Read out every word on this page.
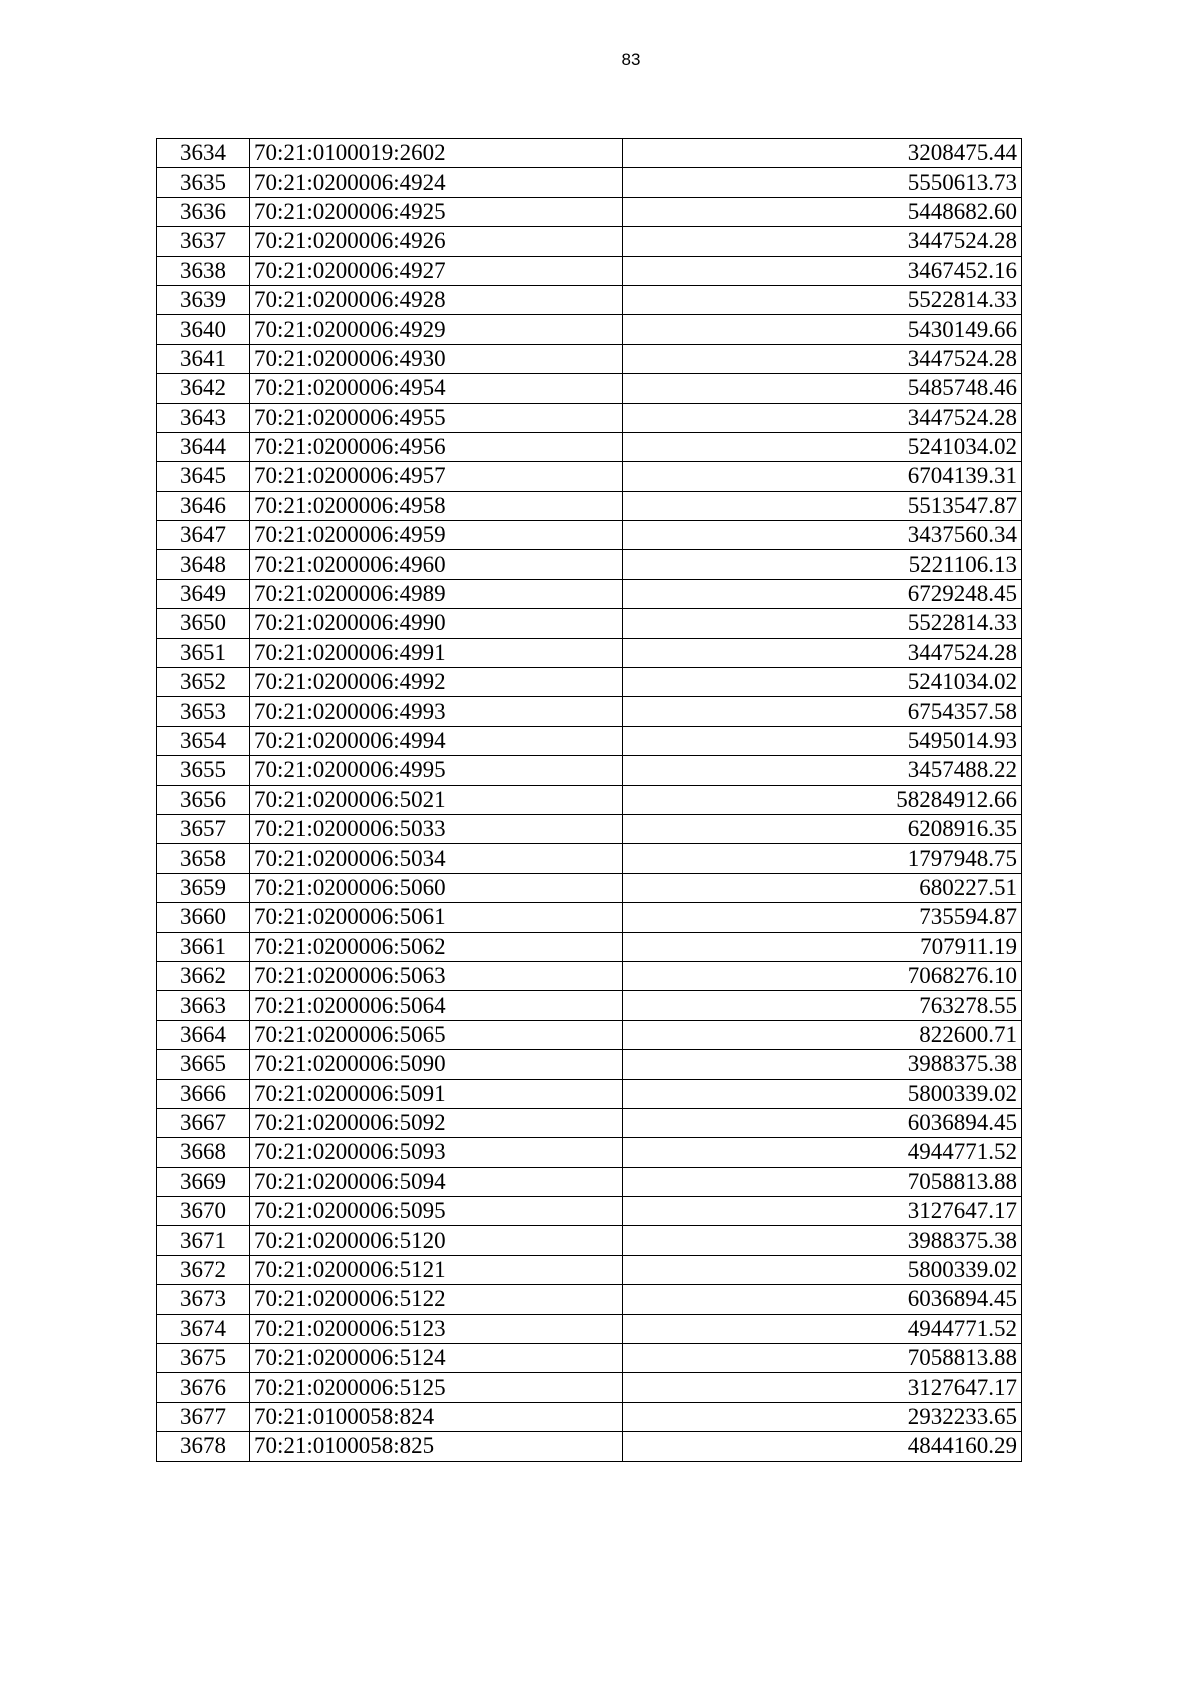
83
3634	70:21:0100019:2602	3208475.44
3635	70:21:0200006:4924	5550613.73
3636	70:21:0200006:4925	5448682.60
3637	70:21:0200006:4926	3447524.28
3638	70:21:0200006:4927	3467452.16
3639	70:21:0200006:4928	5522814.33
3640	70:21:0200006:4929	5430149.66
3641	70:21:0200006:4930	3447524.28
3642	70:21:0200006:4954	5485748.46
3643	70:21:0200006:4955	3447524.28
3644	70:21:0200006:4956	5241034.02
3645	70:21:0200006:4957	6704139.31
3646	70:21:0200006:4958	5513547.87
3647	70:21:0200006:4959	3437560.34
3648	70:21:0200006:4960	5221106.13
3649	70:21:0200006:4989	6729248.45
3650	70:21:0200006:4990	5522814.33
3651	70:21:0200006:4991	3447524.28
3652	70:21:0200006:4992	5241034.02
3653	70:21:0200006:4993	6754357.58
3654	70:21:0200006:4994	5495014.93
3655	70:21:0200006:4995	3457488.22
3656	70:21:0200006:5021	58284912.66
3657	70:21:0200006:5033	6208916.35
3658	70:21:0200006:5034	1797948.75
3659	70:21:0200006:5060	680227.51
3660	70:21:0200006:5061	735594.87
3661	70:21:0200006:5062	707911.19
3662	70:21:0200006:5063	7068276.10
3663	70:21:0200006:5064	763278.55
3664	70:21:0200006:5065	822600.71
3665	70:21:0200006:5090	3988375.38
3666	70:21:0200006:5091	5800339.02
3667	70:21:0200006:5092	6036894.45
3668	70:21:0200006:5093	4944771.52
3669	70:21:0200006:5094	7058813.88
3670	70:21:0200006:5095	3127647.17
3671	70:21:0200006:5120	3988375.38
3672	70:21:0200006:5121	5800339.02
3673	70:21:0200006:5122	6036894.45
3674	70:21:0200006:5123	4944771.52
3675	70:21:0200006:5124	7058813.88
3676	70:21:0200006:5125	3127647.17
3677	70:21:0100058:824	2932233.65
3678	70:21:0100058:825	4844160.29
